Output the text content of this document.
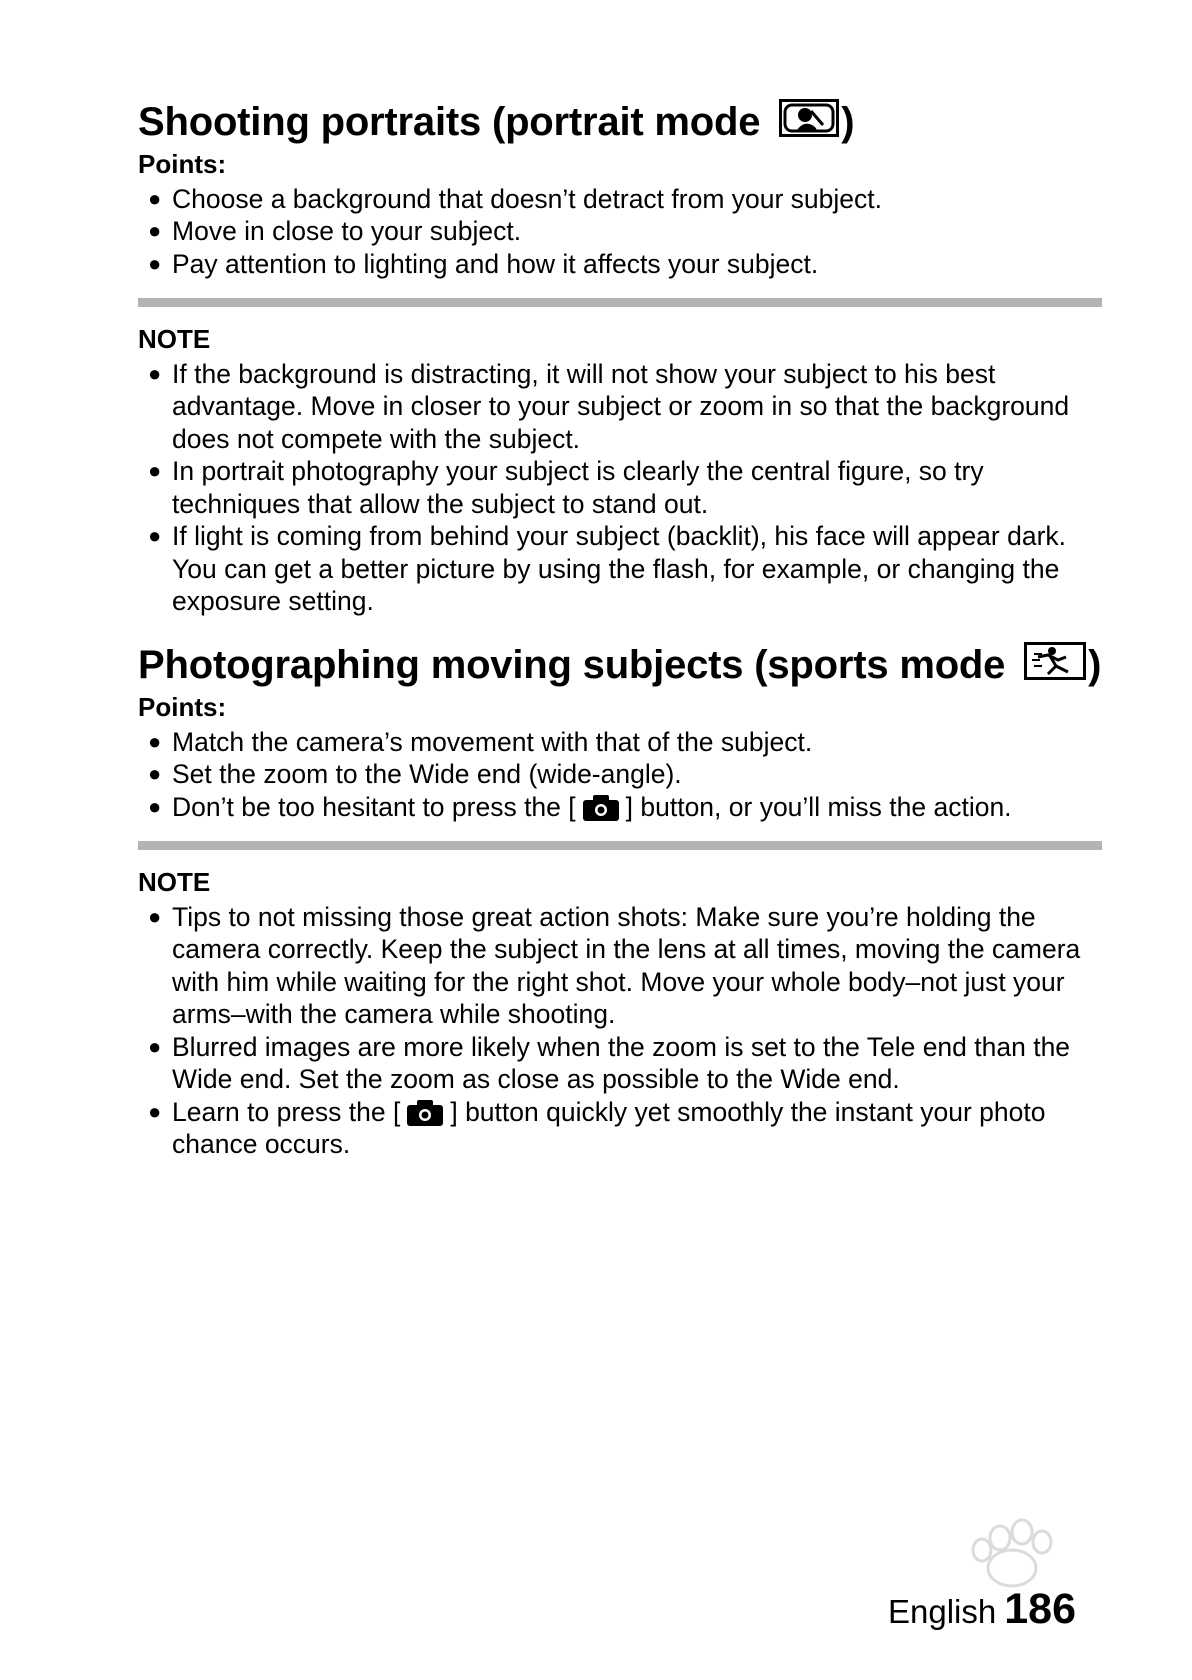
Shooting portraits (portrait mode )
Points:
● Choose a background that doesn’t detract from your subject.
● Move in close to your subject.
● Pay attention to lighting and how it affects your subject.
NOTE
● If the background is distracting, it will not show your subject to his best advantage. Move in closer to your subject or zoom in so that the background does not compete with the subject.
● In portrait photography your subject is clearly the central figure, so try techniques that allow the subject to stand out.
● If light is coming from behind your subject (backlit), his face will appear dark. You can get a better picture by using the flash, for example, or changing the exposure setting.
Photographing moving subjects (sports mode )
Points:
● Match the camera’s movement with that of the subject.
● Set the zoom to the Wide end (wide-angle).
● Don’t be too hesitant to press the [ ] button, or you’ll miss the action.
NOTE
● Tips to not missing those great action shots: Make sure you’re holding the camera correctly. Keep the subject in the lens at all times, moving the camera with him while waiting for the right shot. Move your whole body–not just your arms–with the camera while shooting.
● Blurred images are more likely when the zoom is set to the Tele end than the Wide end. Set the zoom as close as possible to the Wide end.
● Learn to press the [ ] button quickly yet smoothly the instant your photo chance occurs.
English 186
